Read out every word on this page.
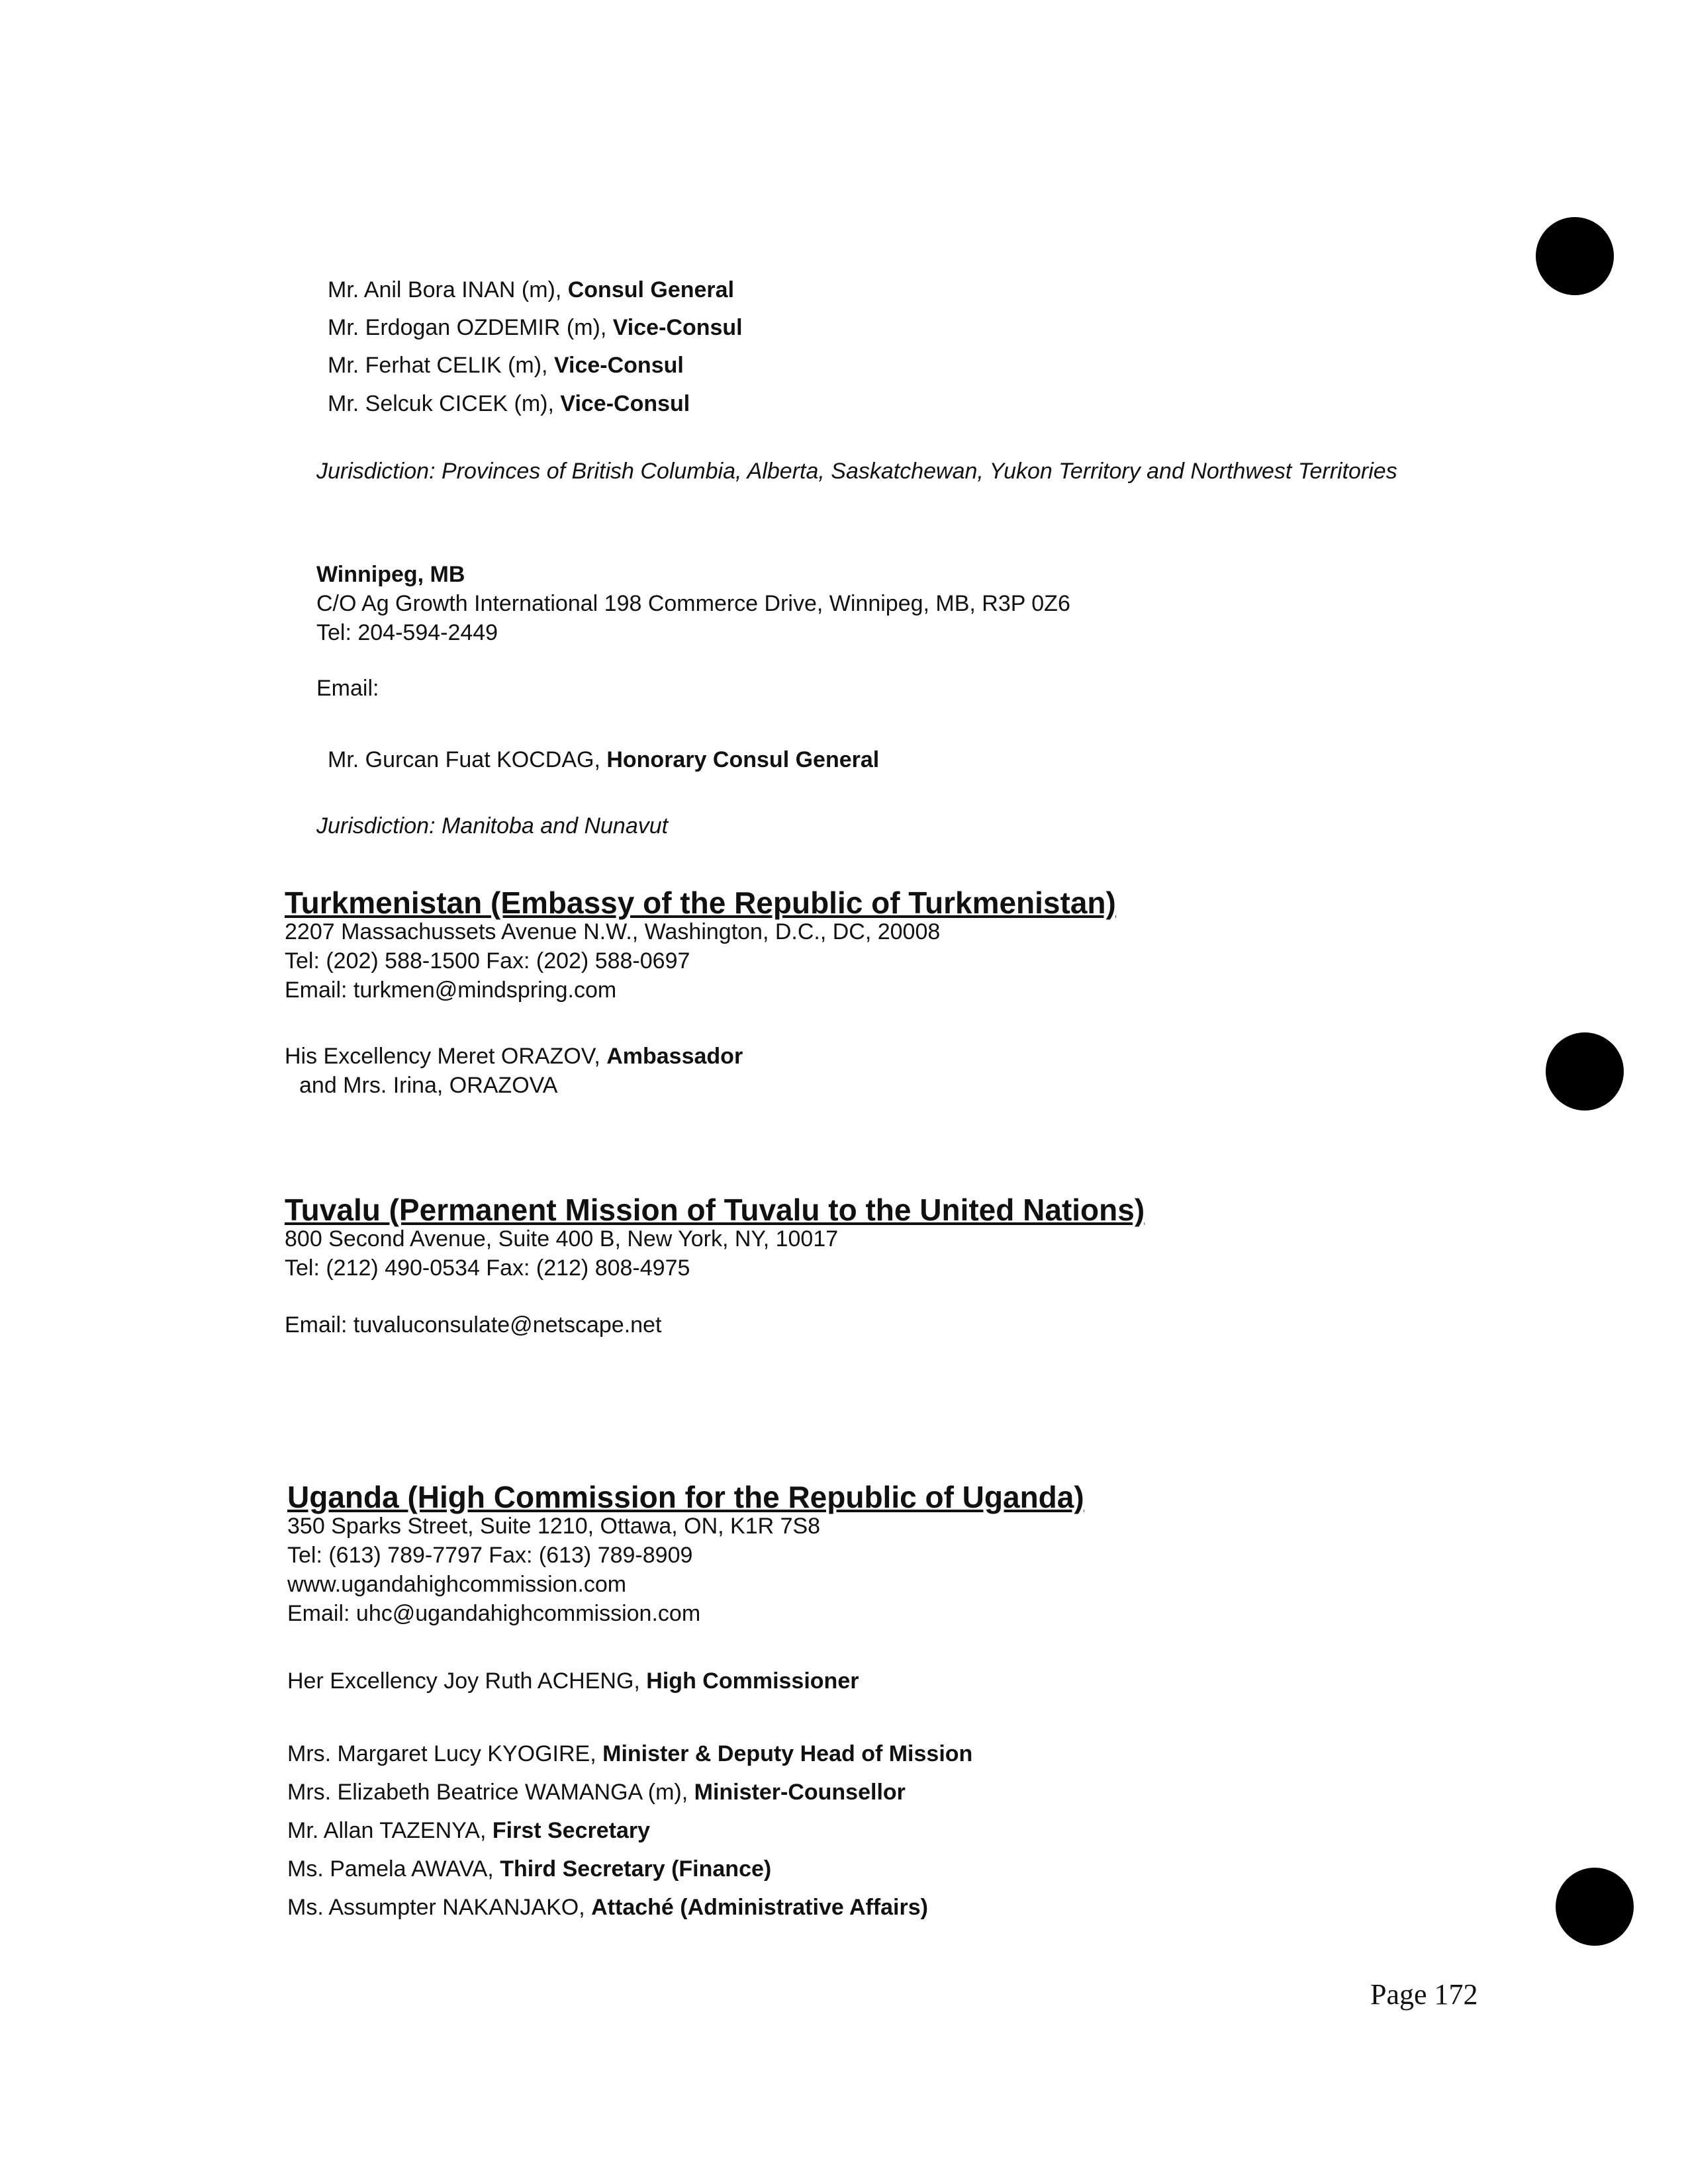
Mr. Anil Bora INAN (m), Consul General
Mr. Erdogan OZDEMIR (m), Vice-Consul
Mr. Ferhat CELIK (m), Vice-Consul
Mr. Selcuk CICEK (m), Vice-Consul
Jurisdiction: Provinces of British Columbia, Alberta, Saskatchewan, Yukon Territory and Northwest Territories
Winnipeg, MB
C/O Ag Growth International 198 Commerce Drive, Winnipeg, MB, R3P 0Z6
Tel: 204-594-2449
Email:
Mr. Gurcan Fuat KOCDAG, Honorary Consul General
Jurisdiction: Manitoba and Nunavut
Turkmenistan (Embassy of the Republic of Turkmenistan)
2207 Massachussets Avenue N.W., Washington, D.C., DC, 20008
Tel: (202) 588-1500 Fax: (202) 588-0697
Email: turkmen@mindspring.com
His Excellency Meret ORAZOV, Ambassador
and Mrs. Irina, ORAZOVA
Tuvalu (Permanent Mission of Tuvalu to the United Nations)
800 Second Avenue, Suite 400 B, New York, NY, 10017
Tel: (212) 490-0534 Fax: (212) 808-4975
Email: tuvaluconsulate@netscape.net
Uganda (High Commission for the Republic of Uganda)
350 Sparks Street, Suite 1210, Ottawa, ON, K1R 7S8
Tel: (613) 789-7797 Fax: (613) 789-8909
www.ugandahighcommission.com
Email: uhc@ugandahighcommission.com
Her Excellency Joy Ruth ACHENG, High Commissioner
Mrs. Margaret Lucy KYOGIRE, Minister & Deputy Head of Mission
Mrs. Elizabeth Beatrice WAMANGA (m), Minister-Counsellor
Mr. Allan TAZENYA, First Secretary
Ms. Pamela AWAVA, Third Secretary (Finance)
Ms. Assumpter NAKANJAKO, Attaché (Administrative Affairs)
Page 172
